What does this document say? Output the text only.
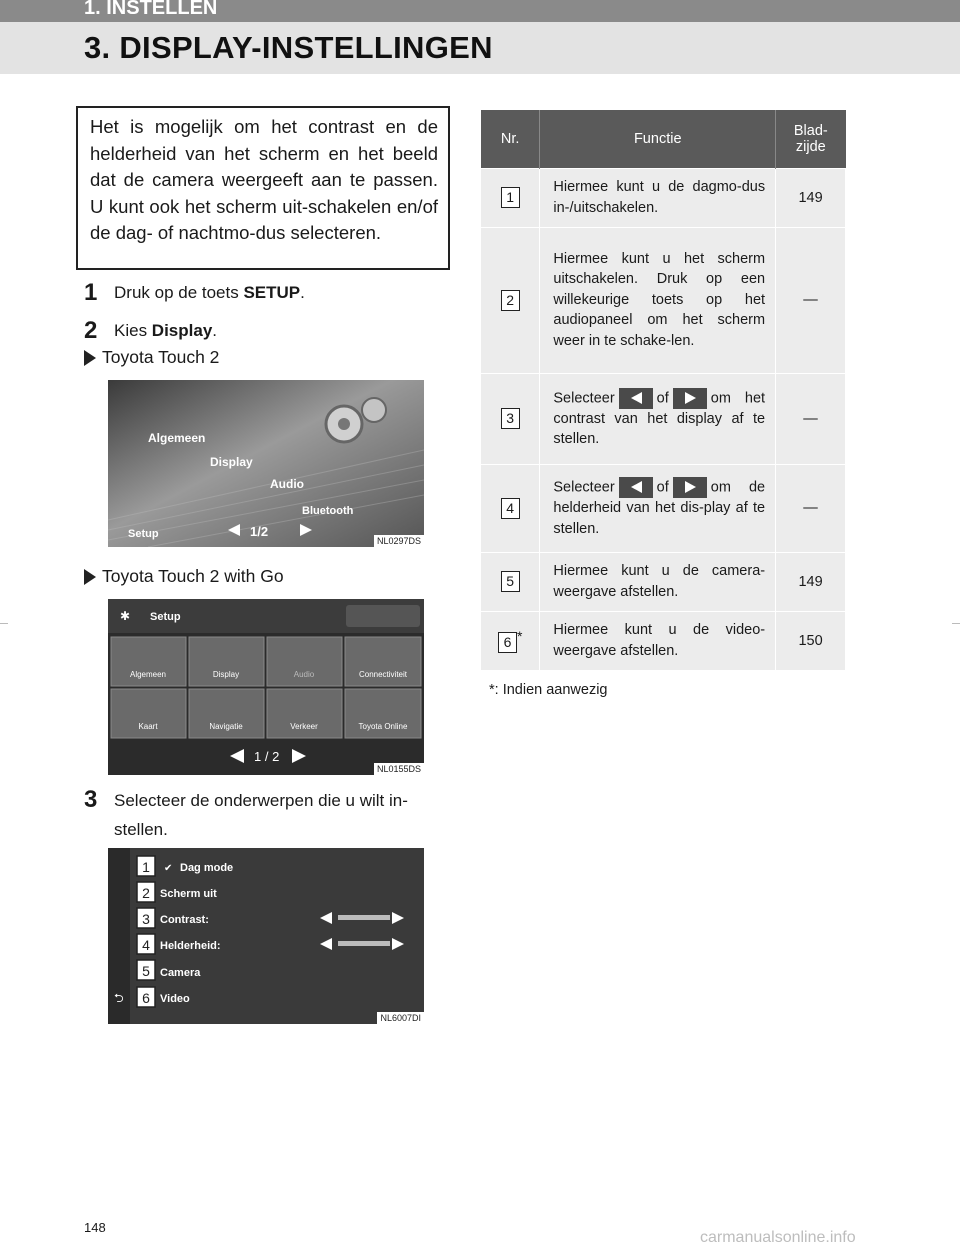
1. INSTELLEN
3. DISPLAY-INSTELLINGEN
Het is mogelijk om het contrast en de helderheid van het scherm en het beeld dat de camera weergeeft aan te passen. U kunt ook het scherm uit-schakelen en/of de dag- of nachtmo-dus selecteren.
1 Druk op de toets SETUP.
2 Kies Display.
Toyota Touch 2
Algemeen
Display
Audio
Bluetooth
Setup	1/2
NL0297DS
Toyota Touch 2 with Go
✱ Setup
Algemeen	Display	Audio	Connectiviteit
Kaart	Navigatie	Verkeer	Toyota Online
1 / 2
NL0155DS
3 Selecteer de onderwerpen die u wilt in-
stellen.
1
2
3
4
5
6
✔ Dag mode
Scherm uit
Contrast:
Helderheid:
Camera
Video
⮌
NL6007DI
Nr.	Functie	Blad-
zijde
1	Hiermee kunt u de dagmo-dus in-/uitschakelen.	149
2	Hiermee kunt u het scherm uitschakelen. Druk op een willekeurige toets op het audiopaneel om het scherm weer in te schake-len.	—
3	Selecteer of om het contrast van het display af te stellen.	—
4	Selecteer of om de helderheid van het dis-play af te stellen.	—
5	Hiermee kunt u de camera-weergave afstellen.	149
6 *	Hiermee kunt u de video-weergave afstellen.	150
*: Indien aanwezig
148
carmanualsonline.info
